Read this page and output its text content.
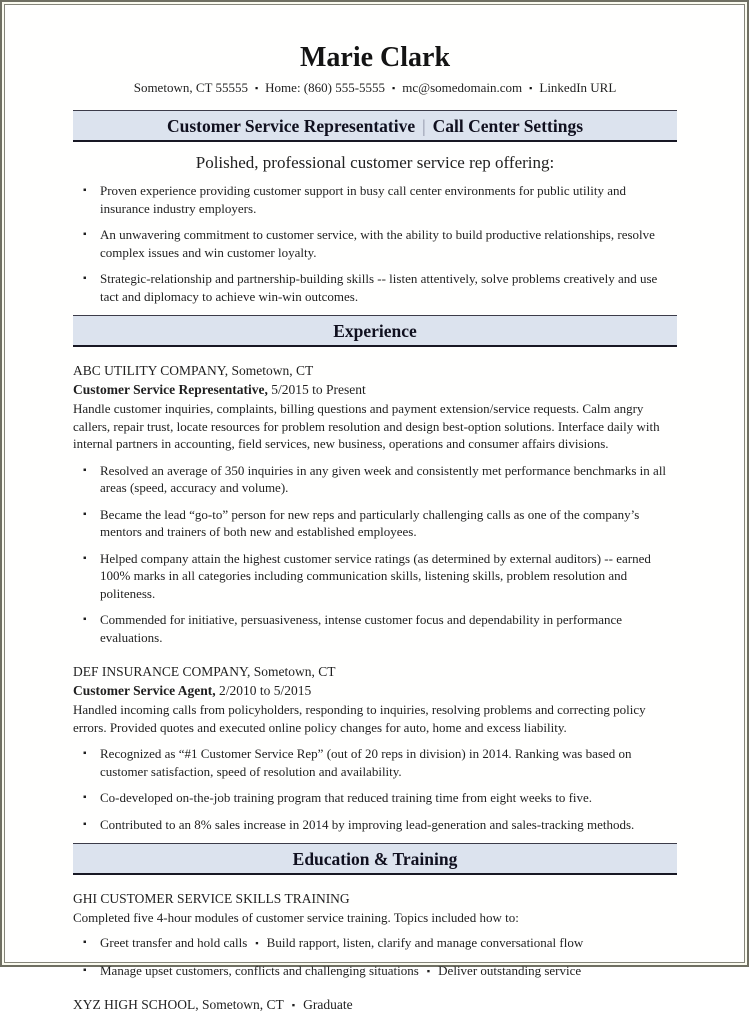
Marie Clark
Sometown, CT 55555 ▪ Home: (860) 555-5555 ▪ mc@somedomain.com ▪ LinkedIn URL
Customer Service Representative | Call Center Settings
Polished, professional customer service rep offering:
▪ Proven experience providing customer support in busy call center environments for public utility and insurance industry employers.
▪ An unwavering commitment to customer service, with the ability to build productive relationships, resolve complex issues and win customer loyalty.
▪ Strategic-relationship and partnership-building skills -- listen attentively, solve problems creatively and use tact and diplomacy to achieve win-win outcomes.
Experience
ABC UTILITY COMPANY, Sometown, CT
Customer Service Representative, 5/2015 to Present
Handle customer inquiries, complaints, billing questions and payment extension/service requests. Calm angry callers, repair trust, locate resources for problem resolution and design best-option solutions. Interface daily with internal partners in accounting, field services, new business, operations and consumer affairs divisions.
▪ Resolved an average of 350 inquiries in any given week and consistently met performance benchmarks in all areas (speed, accuracy and volume).
▪ Became the lead “go-to” person for new reps and particularly challenging calls as one of the company’s mentors and trainers of both new and established employees.
▪ Helped company attain the highest customer service ratings (as determined by external auditors) -- earned 100% marks in all categories including communication skills, listening skills, problem resolution and politeness.
▪ Commended for initiative, persuasiveness, intense customer focus and dependability in performance evaluations.
DEF INSURANCE COMPANY, Sometown, CT
Customer Service Agent, 2/2010 to 5/2015
Handled incoming calls from policyholders, responding to inquiries, resolving problems and correcting policy errors. Provided quotes and executed online policy changes for auto, home and excess liability.
▪ Recognized as “#1 Customer Service Rep” (out of 20 reps in division) in 2014. Ranking was based on customer satisfaction, speed of resolution and availability.
▪ Co-developed on-the-job training program that reduced training time from eight weeks to five.
▪ Contributed to an 8% sales increase in 2014 by improving lead-generation and sales-tracking methods.
Education & Training
GHI CUSTOMER SERVICE SKILLS TRAINING
Completed five 4-hour modules of customer service training. Topics included how to:
▪ Greet transfer and hold calls ▪ Build rapport, listen, clarify and manage conversational flow
▪ Manage upset customers, conflicts and challenging situations ▪ Deliver outstanding service
XYZ HIGH SCHOOL, Sometown, CT ▪ Graduate
